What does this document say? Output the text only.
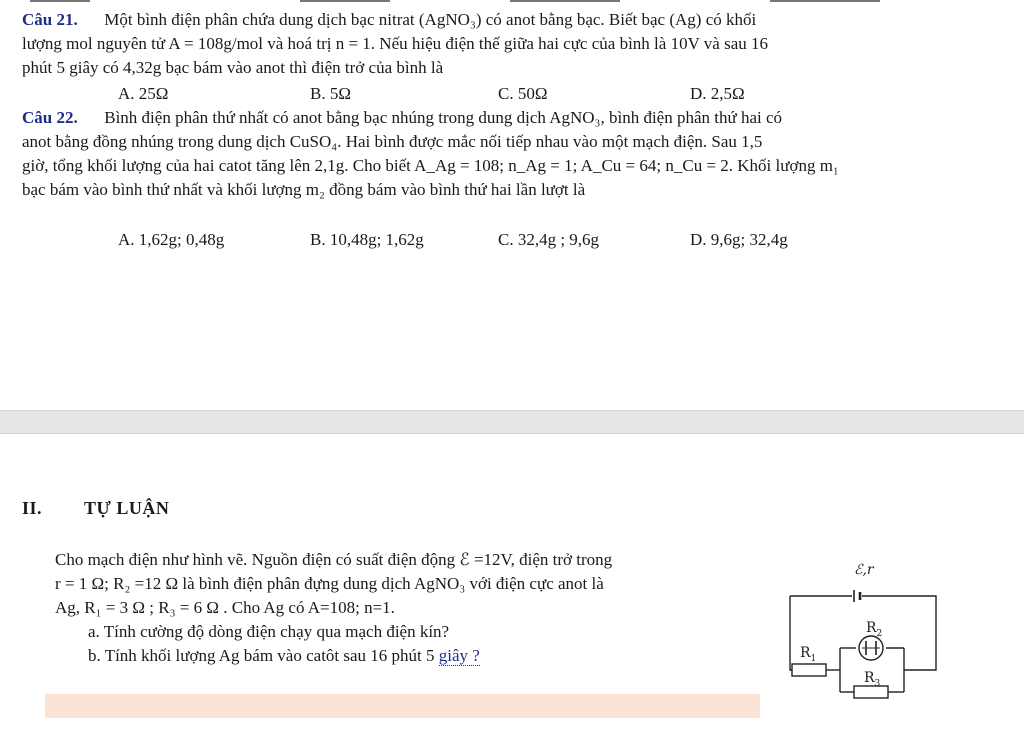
Câu 21. Một bình điện phân chứa dung dịch bạc nitrat (AgNO₃) có anot bằng bạc. Biết bạc (Ag) có khối
lượng mol nguyên tử A = 108g/mol và hoá trị n = 1. Nếu hiệu điện thế giữa hai cực của bình là 10V và sau 16
phút 5 giây có 4,32g bạc bám vào anot thì điện trở của bình là
A. 25Ω	B. 5Ω	C. 50Ω	D. 2,5Ω
Câu 22. Bình điện phân thứ nhất có anot bằng bạc nhúng trong dung dịch AgNO₃, bình điện phân thứ hai có
anot bằng đồng nhúng trong dung dịch CuSO₄. Hai bình được mắc nối tiếp nhau vào một mạch điện. Sau 1,5
giờ, tổng khối lượng của hai catot tăng lên 2,1g. Cho biết A_Ag = 108; n_Ag = 1; A_Cu = 64; n_Cu = 2. Khối lượng m₁
bạc bám vào bình thứ nhất và khối lượng m₂ đồng bám vào bình thứ hai lần lượt là
A. 1,62g; 0,48g	B. 10,48g; 1,62g	C. 32,4g ; 9,6g	D. 9,6g; 32,4g
II. TỰ LUẬN
Cho mạch điện như hình vẽ. Nguồn điện có suất điện động ℰ =12V, điện trở trong
r = 1 Ω; R₂ =12 Ω là bình điện phân đựng dung dịch AgNO₃ với điện cực anot là
Ag, R₁ = 3 Ω ; R₃ = 6 Ω . Cho Ag có A=108; n=1.
a. Tính cường độ dòng điện chạy qua mạch điện kín?
b. Tính khối lượng Ag bám vào catôt sau 16 phút 5 giây ?
ℰ,r
$R_2$
$R_1$
$R_3$
